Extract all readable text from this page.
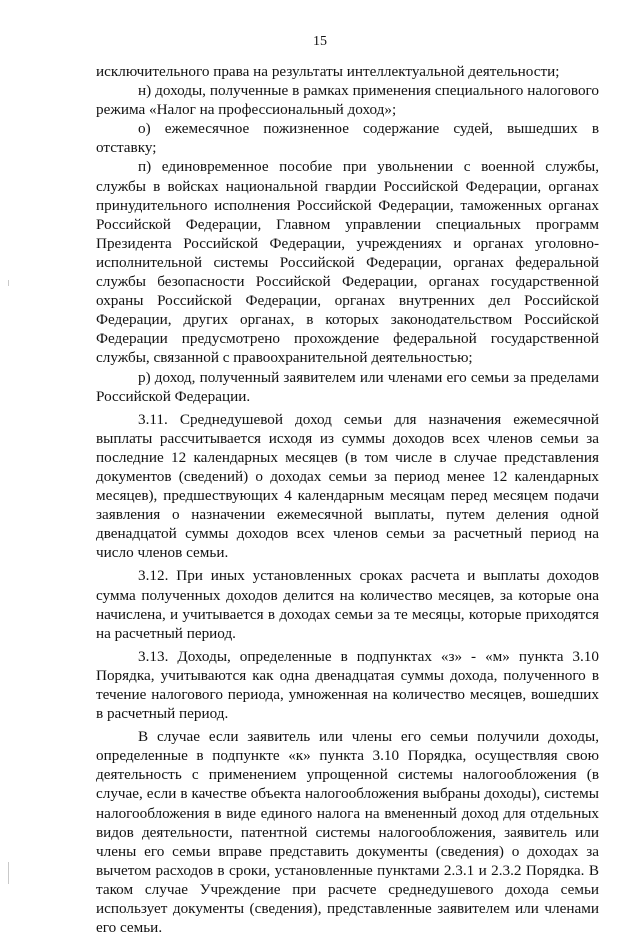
15

исключительного права на результаты интеллектуальной деятельности;

н) доходы, полученные в рамках применения специального налогового режима «Налог на профессиональный доход»;

о) ежемесячное пожизненное содержание судей, вышедших в отставку;

п) единовременное пособие при увольнении с военной службы, службы в войсках национальной гвардии Российской Федерации, органах принудительного исполнения Российской Федерации, таможенных органах Российской Федерации, Главном управлении специальных программ Президента Российской Федерации, учреждениях и органах уголовно-исполнительной системы Российской Федерации, органах федеральной службы безопасности Российской Федерации, органах государственной охраны Российской Федерации, органах внутренних дел Российской Федерации, других органах, в которых законодательством Российской Федерации предусмотрено прохождение федеральной государственной службы, связанной с правоохранительной деятельностью;

р) доход, полученный заявителем или членами его семьи за пределами Российской Федерации.

3.11. Среднедушевой доход семьи для назначения ежемесячной выплаты рассчитывается исходя из суммы доходов всех членов семьи за последние 12 календарных месяцев (в том числе в случае представления документов (сведений) о доходах семьи за период менее 12 календарных месяцев), предшествующих 4 календарным месяцам перед месяцем подачи заявления о назначении ежемесячной выплаты, путем деления одной двенадцатой суммы доходов всех членов семьи за расчетный период на число членов семьи.

3.12. При иных установленных сроках расчета и выплаты доходов сумма полученных доходов делится на количество месяцев, за которые она начислена, и учитывается в доходах семьи за те месяцы, которые приходятся на расчетный период.

3.13. Доходы, определенные в подпунктах «з» - «м» пункта 3.10 Порядка, учитываются как одна двенадцатая суммы дохода, полученного в течение налогового периода, умноженная на количество месяцев, вошедших в расчетный период.

В случае если заявитель или члены его семьи получили доходы, определенные в подпункте «к» пункта 3.10 Порядка, осуществляя свою деятельность с применением упрощенной системы налогообложения (в случае, если в качестве объекта налогообложения выбраны доходы), системы налогообложения в виде единого налога на вмененный доход для отдельных видов деятельности, патентной системы налогообложения, заявитель или члены его семьи вправе представить документы (сведения) о доходах за вычетом расходов в сроки, установленные пунктами 2.3.1 и 2.3.2 Порядка. В таком случае Учреждение при расчете среднедушевого дохода семьи использует документы (сведения), представленные заявителем или членами его семьи.
